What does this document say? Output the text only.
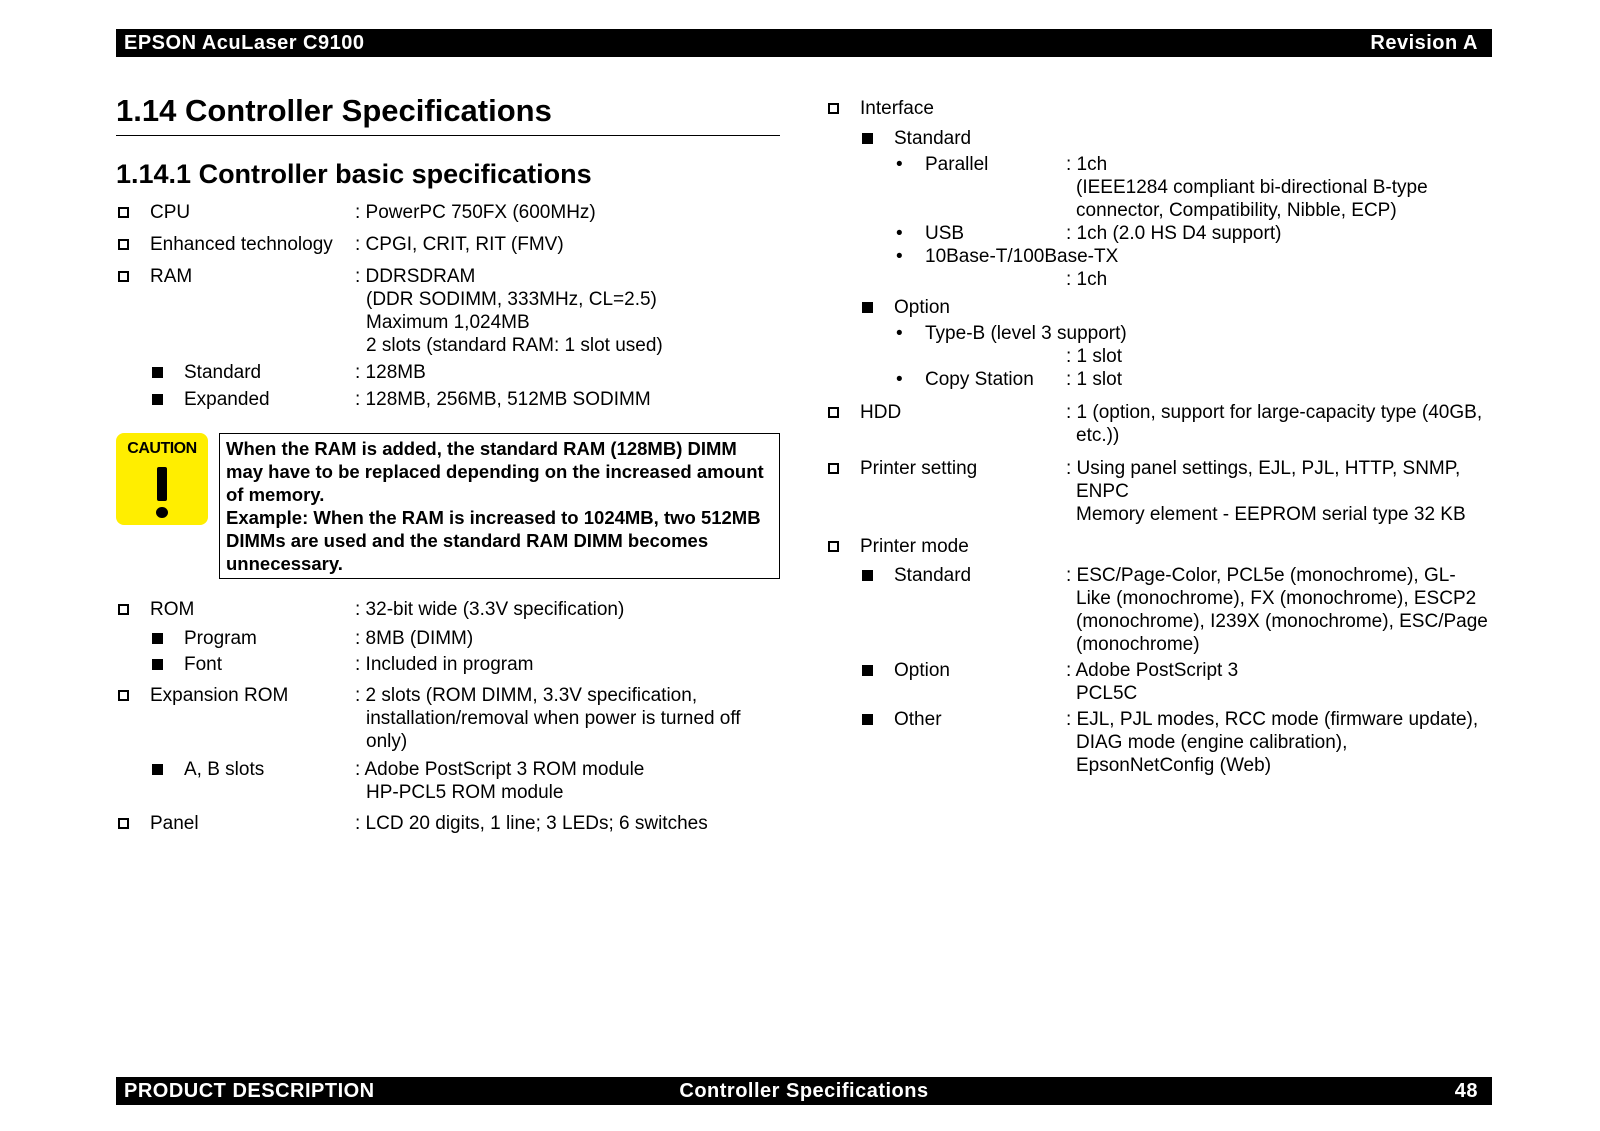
EPSON AcuLaser C9100	Revision A
PRODUCT DESCRIPTION	Controller Specifications	48
1.14 Controller Specifications
1.14.1 Controller basic specifications
CPU	: PowerPC 750FX (600MHz)
Enhanced technology : CPGI, CRIT, RIT (FMV)
RAM	: DDRSDRAM
(DDR SODIMM, 333MHz, CL=2.5)
Maximum 1,024MB
2 slots (standard RAM: 1 slot used)
Standard	: 128MB
Expanded	: 128MB, 256MB, 512MB SODIMM
CAUTION	When the RAM is added, the standard RAM (128MB) DIMM may have to be replaced depending on the increased amount of memory.

Example: When the RAM is increased to 1024MB, two 512MB DIMMs are used and the standard RAM DIMM becomes unnecessary.

ROM	: 32-bit wide (3.3V specification)
Program	: 8MB (DIMM)
Font	: Included in program
Expansion ROM	: 2 slots (ROM DIMM, 3.3V specification,
installation/removal when power is turned off
only)
A, B slots	: Adobe PostScript 3 ROM module
HP-PCL5 ROM module
Panel	: LCD 20 digits, 1 line; 3 LEDs; 6 switches
Interface
Standard
• Parallel	: 1ch
(IEEE1284 compliant bi-directional B-type
connector, Compatibility, Nibble, ECP)
• USB	: 1ch (2.0 HS D4 support)
• 10Base-T/100Base-TX
: 1ch
Option
• Type-B (level 3 support)
: 1 slot
• Copy Station : 1 slot
HDD	: 1 (option, support for large-capacity type (40GB,
etc.))
Printer setting	: Using panel settings, EJL, PJL, HTTP, SNMP,
ENPC
Memory element - EEPROM serial type 32 KB
Printer mode
Standard	: ESC/Page-Color, PCL5e (monochrome), GL-
Like (monochrome), FX (monochrome), ESCP2
(monochrome), I239X (monochrome), ESC/Page
(monochrome)
Option	: Adobe PostScript 3
PCL5C
Other	: EJL, PJL modes, RCC mode (firmware update),
DIAG mode (engine calibration),
EpsonNetConfig (Web)
